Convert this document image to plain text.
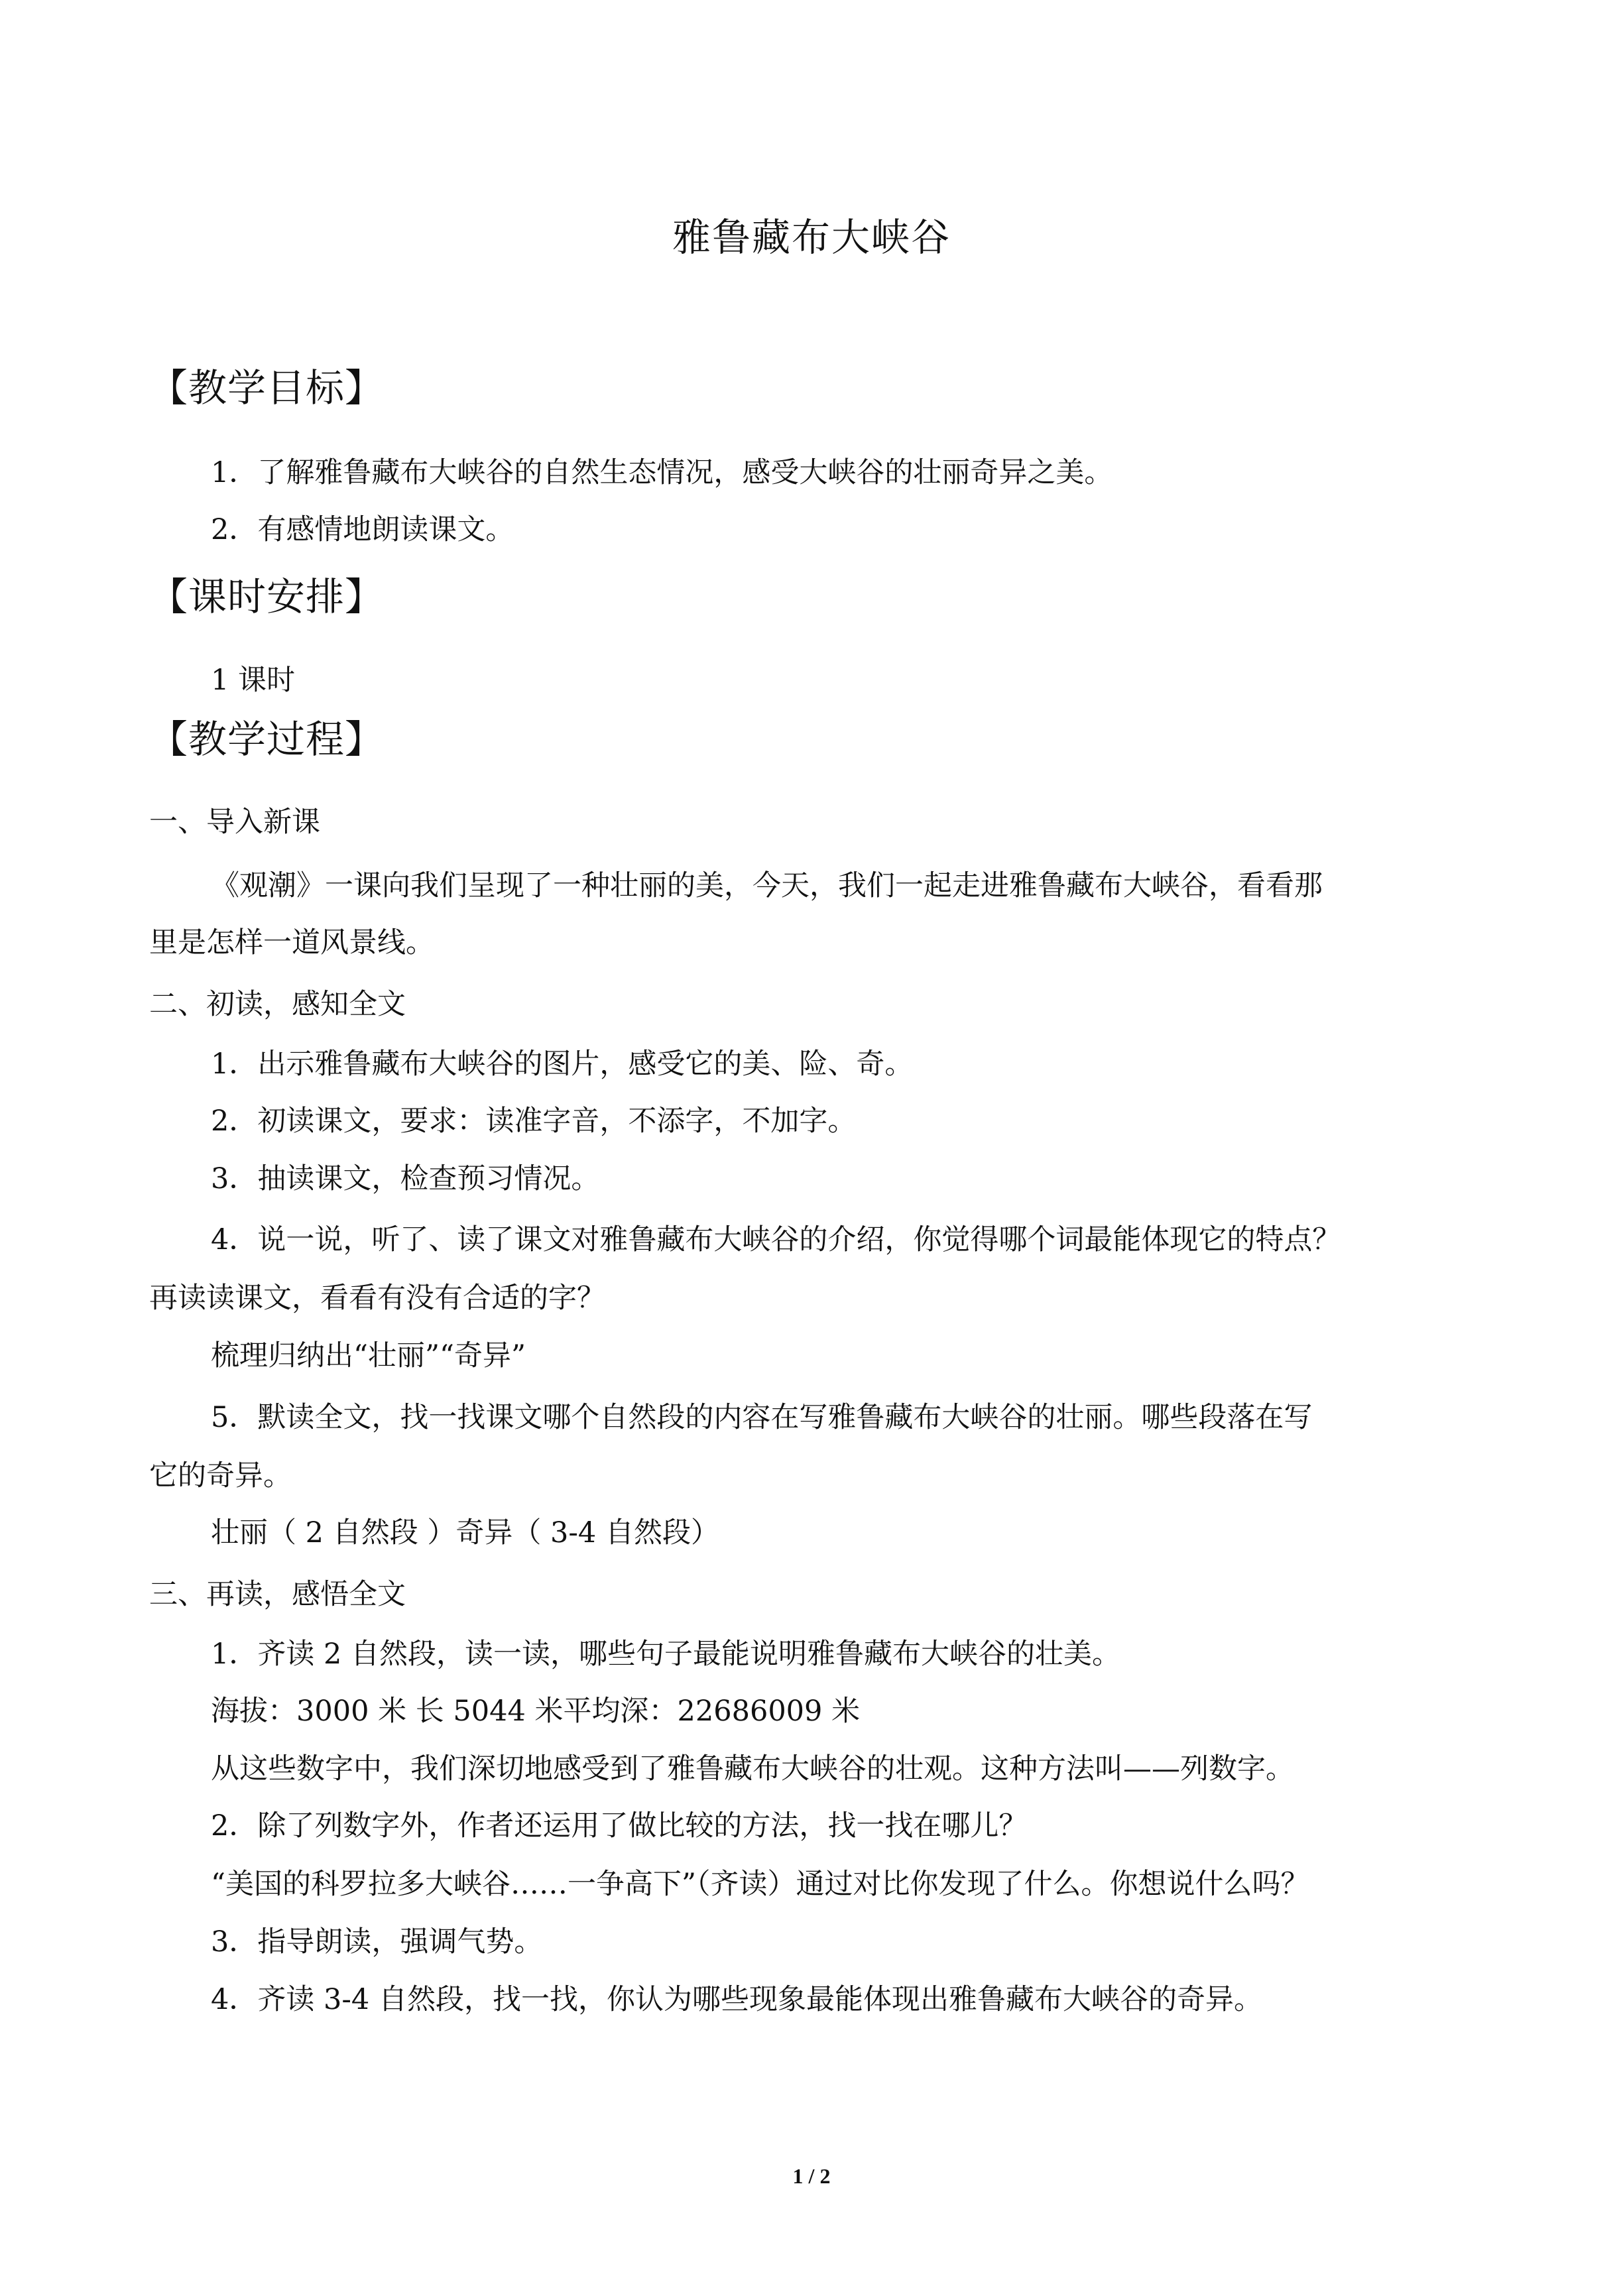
雅鲁藏布大峡谷
【教学目标】
1．了解雅鲁藏布大峡谷的自然生态情况，感受大峡谷的壮丽奇异之美。
2．有感情地朗读课文。
【课时安排】
1 课时
【教学过程】
一、导入新课
《观潮》一课向我们呈现了一种壮丽的美，今天，我们一起走进雅鲁藏布大峡谷，看看那
里是怎样一道风景线。
二、初读，感知全文
1．出示雅鲁藏布大峡谷的图片，感受它的美、险、奇。
2．初读课文，要求：读准字音，不添字，不加字。
3．抽读课文，检查预习情况。
4．说一说，听了、读了课文对雅鲁藏布大峡谷的介绍，你觉得哪个词最能体现它的特点？
再读读课文，看看有没有合适的字？
梳理归纳出“壮丽”“奇异”
5．默读全文，找一找课文哪个自然段的内容在写雅鲁藏布大峡谷的壮丽。哪些段落在写
它的奇异。
壮丽（ 2 自然段 ）奇异（ 3-4 自然段）
三、再读，感悟全文
1．齐读 2 自然段，读一读，哪些句子最能说明雅鲁藏布大峡谷的壮美。
海拔：3000 米 长 5044 米平均深：22686009 米
从这些数字中，我们深切地感受到了雅鲁藏布大峡谷的壮观。这种方法叫——列数字。
2．除了列数字外，作者还运用了做比较的方法，找一找在哪儿？
“美国的科罗拉多大峡谷……一争高下”（齐读）通过对比你发现了什么。你想说什么吗？
3．指导朗读，强调气势。
4．齐读 3-4 自然段，找一找，你认为哪些现象最能体现出雅鲁藏布大峡谷的奇异。
1 / 2
